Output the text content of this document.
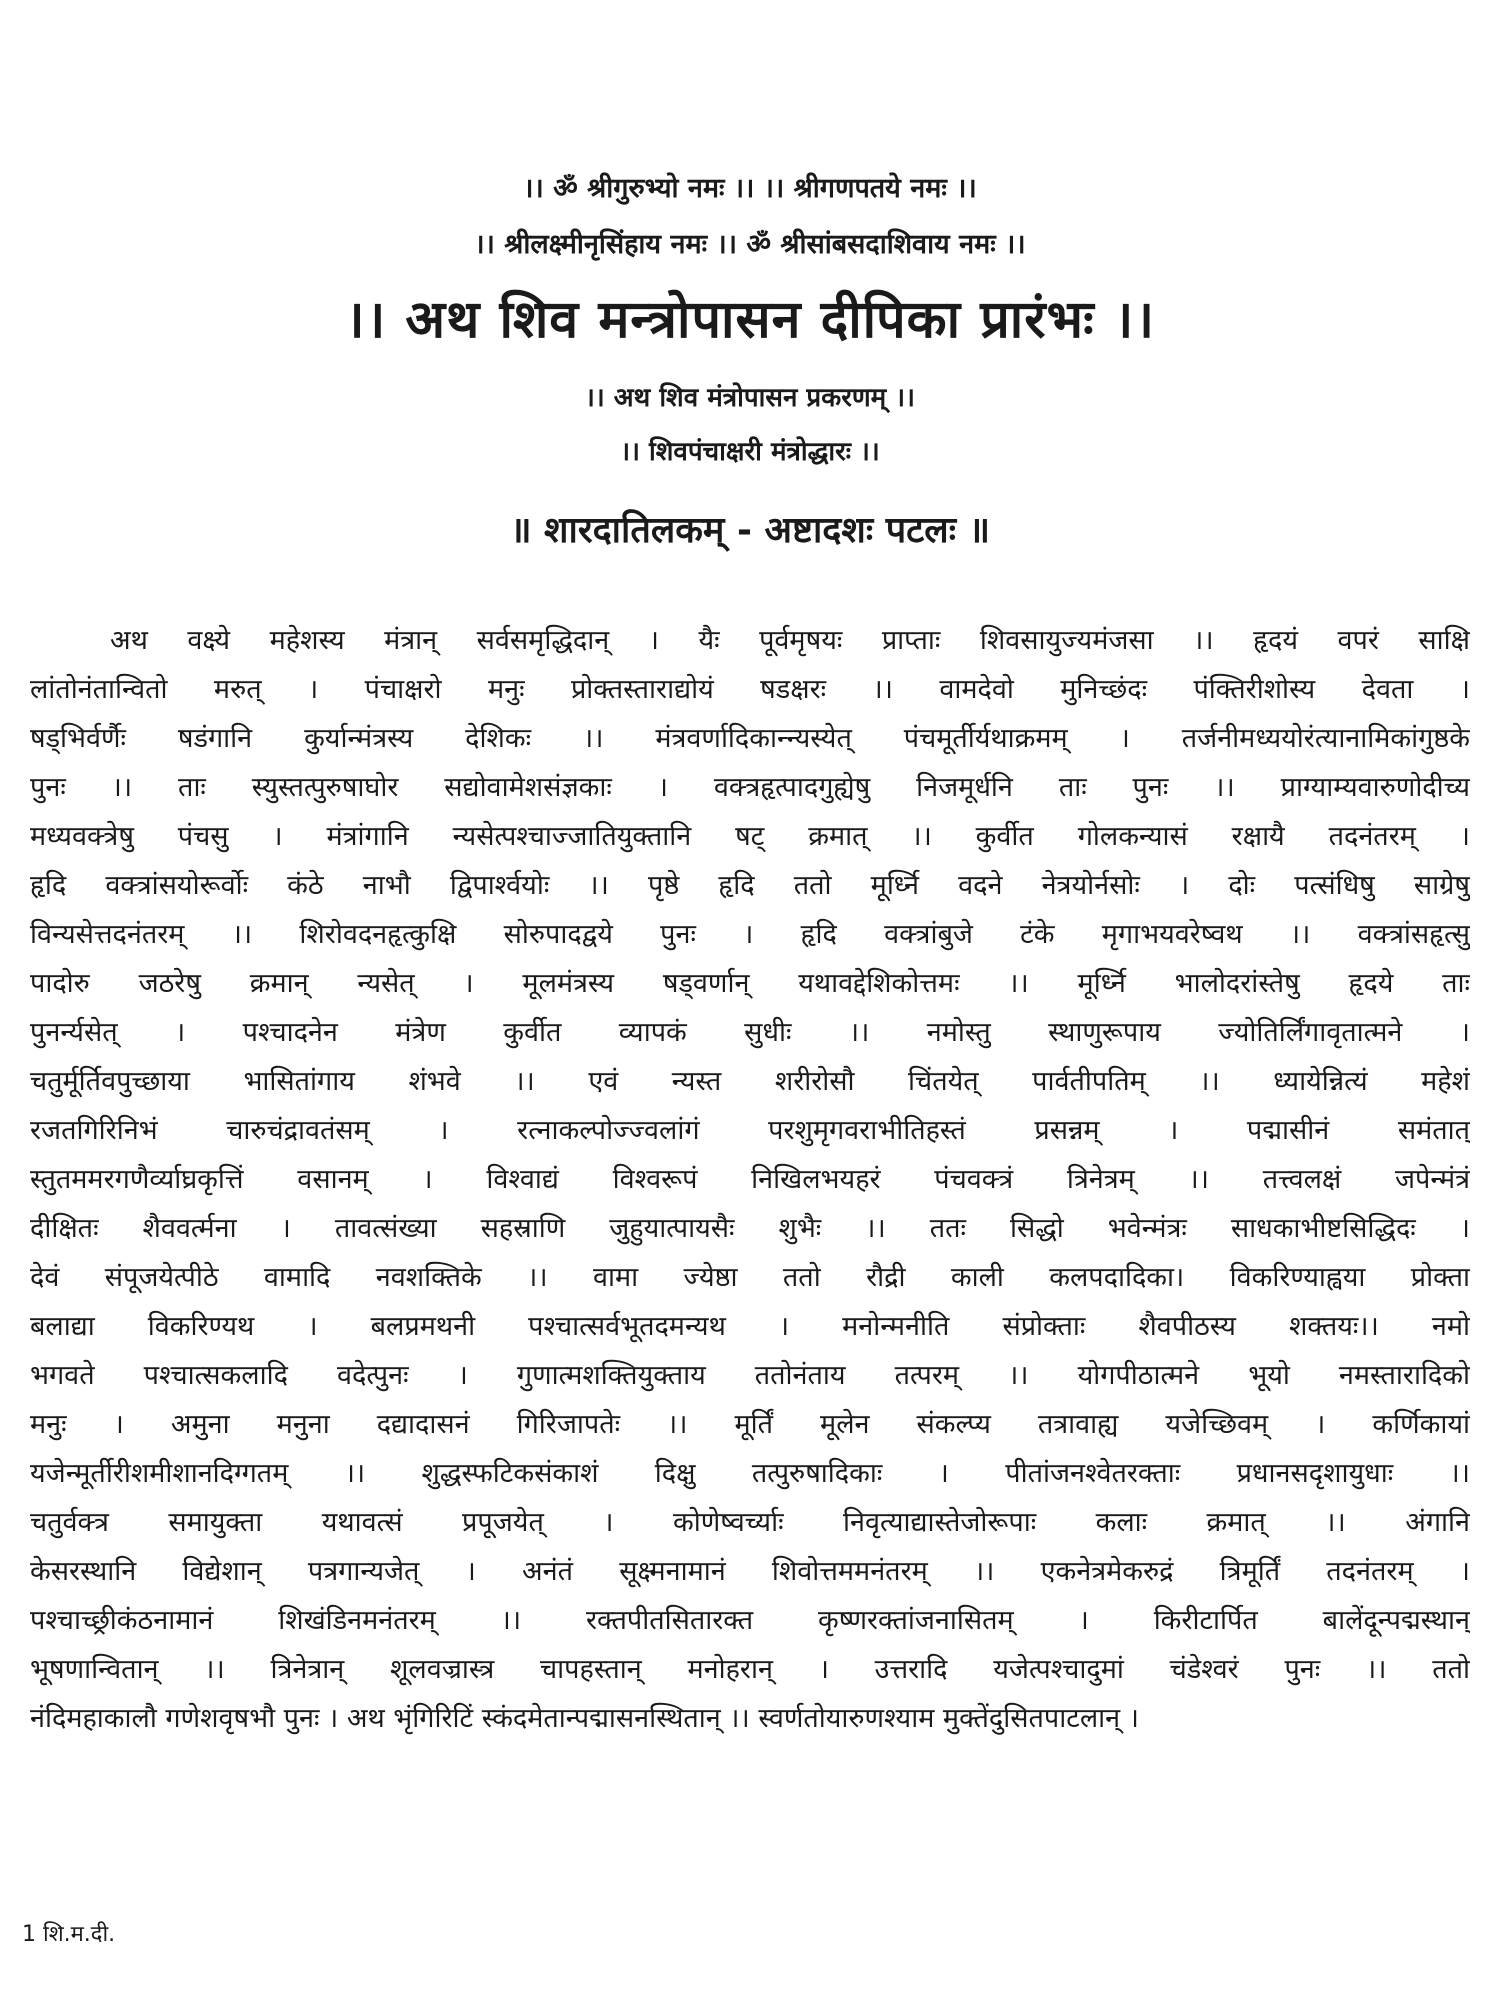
।। ॐ श्रीगुरुभ्यो नमः ।। ।। श्रीगणपतये नमः ।।
।। श्रीलक्ष्मीनृसिंहाय नमः ।। ॐ श्रीसांबसदाशिवाय नमः ।।
।। अथ शिव मन्त्रोपासन दीपिका प्रारंभः ।।
।। अथ शिव मंत्रोपासन प्रकरणम् ।।
।। शिवपंचाक्षरी मंत्रोद्धारः ।।
॥ शारदातिलकम् - अष्टादशः पटलः ॥
अथ वक्ष्ये महेशस्य मंत्रान् सर्वसमृद्धिदान् । यैः पूर्वमृषयः प्राप्ताः शिवसायुज्यमंजसा ।। हृदयं वपरं साक्षि
लांतोनंतान्वितो मरुत् । पंचाक्षरो मनुः प्रोक्तस्ताराद्योयं षडक्षरः ।। वामदेवो मुनिच्छंदः पंक्तिरीशोस्य देवता ।
षड्भिर्वर्णैः षडंगानि कुर्यान्मंत्रस्य देशिकः ।। मंत्रवर्णादिकान्न्यस्येत् पंचमूर्तीर्यथाक्रमम् । तर्जनीमध्ययोरंत्यानामिकांगुष्ठके
पुनः ।। ताः स्युस्तत्पुरुषाघोर सद्योवामेशसंज्ञकाः । वक्त्रहृत्पादगुह्येषु निजमूर्धनि ताः पुनः ।। प्राग्याम्यवारुणोदीच्य
मध्यवक्त्रेषु पंचसु । मंत्रांगानि न्यसेत्पश्चाज्जातियुक्तानि षट् क्रमात् ।। कुर्वीत गोलकन्यासं रक्षायै तदनंतरम् ।
हृदि वक्त्रांसयोरूर्वोः कंठे नाभौ द्विपार्श्वयोः ।। पृष्ठे हृदि ततो मूर्ध्नि वदने नेत्रयोर्नसोः । दोः पत्संधिषु साग्रेषु
विन्यसेत्तदनंतरम् ।। शिरोवदनहृत्कुक्षि सोरुपादद्वये पुनः । हृदि वक्त्रांबुजे टंके मृगाभयवरेष्वथ ।। वक्त्रांसहृत्सु
पादोरु जठरेषु क्रमान् न्यसेत् । मूलमंत्रस्य षड्वर्णान् यथावद्देशिकोत्तमः ।। मूर्ध्नि भालोदरांस्तेषु हृदये ताः
पुनर्न्यसेत् । पश्चादनेन मंत्रेण कुर्वीत व्यापकं सुधीः ।। नमोस्तु स्थाणुरूपाय ज्योतिर्लिंगावृतात्मने ।
चतुर्मूर्तिवपुच्छाया भासितांगाय शंभवे ।। एवं न्यस्त शरीरोसौ चिंतयेत् पार्वतीपतिम् ।। ध्यायेन्नित्यं महेशं
रजतगिरिनिभं चारुचंद्रावतंसम् । रत्नाकल्पोज्ज्वलांगं परशुमृगवराभीतिहस्तं प्रसन्नम् । पद्मासीनं समंतात्
स्तुतममरगणैर्व्याघ्रकृत्तिं वसानम् । विश्वाद्यं विश्वरूपं निखिलभयहरं पंचवक्त्रं त्रिनेत्रम् ।। तत्त्वलक्षं जपेन्मंत्रं
दीक्षितः शैववर्त्मना । तावत्संख्या सहस्राणि जुहुयात्पायसैः शुभैः ।। ततः सिद्धो भवेन्मंत्रः साधकाभीष्टसिद्धिदः ।
देवं संपूजयेत्पीठे वामादि नवशक्तिके ।। वामा ज्येष्ठा ततो रौद्री काली कलपदादिका। विकरिण्याह्वया प्रोक्ता
बलाद्या विकरिण्यथ । बलप्रमथनी पश्चात्सर्वभूतदमन्यथ । मनोन्मनीति संप्रोक्ताः शैवपीठस्य शक्तयः।। नमो
भगवते पश्चात्सकलादि वदेत्पुनः । गुणात्मशक्तियुक्ताय ततोनंताय तत्परम् ।। योगपीठात्मने भूयो नमस्तारादिको
मनुः । अमुना मनुना दद्यादासनं गिरिजापतेः ।। मूर्तिं मूलेन संकल्प्य तत्रावाह्य यजेच्छिवम् । कर्णिकायां
यजेन्मूर्तीरीशमीशानदिग्गतम् ।। शुद्धस्फटिकसंकाशं दिक्षु तत्पुरुषादिकाः । पीतांजनश्वेतरक्ताः प्रधानसदृशायुधाः ।।
चतुर्वक्त्र समायुक्ता यथावत्सं प्रपूजयेत् । कोणेष्वर्च्याः निवृत्याद्यास्तेजोरूपाः कलाः क्रमात् ।। अंगानि
केसरस्थानि विद्येशान् पत्रगान्यजेत् । अनंतं सूक्ष्मनामानं शिवोत्तममनंतरम् ।। एकनेत्रमेकरुद्रं त्रिमूर्तिं तदनंतरम् ।
पश्चाच्छ्रीकंठनामानं शिखंडिनमनंतरम् ।। रक्तपीतसितारक्त कृष्णरक्तांजनासितम् । किरीटार्पित बालेंदून्पद्मस्थान्
भूषणान्वितान् ।। त्रिनेत्रान् शूलवज्रास्त्र चापहस्तान् मनोहरान् । उत्तरादि यजेत्पश्चादुमां चंडेश्वरं पुनः ।। ततो
नंदिमहाकालौ गणेशवृषभौ पुनः । अथ भृंगिरिटिं स्कंदमेतान्पद्मासनस्थितान् ।। स्वर्णतोयारुणश्याम मुक्तेंदुसितपाटलान् ।
1 शि.म.दी.
